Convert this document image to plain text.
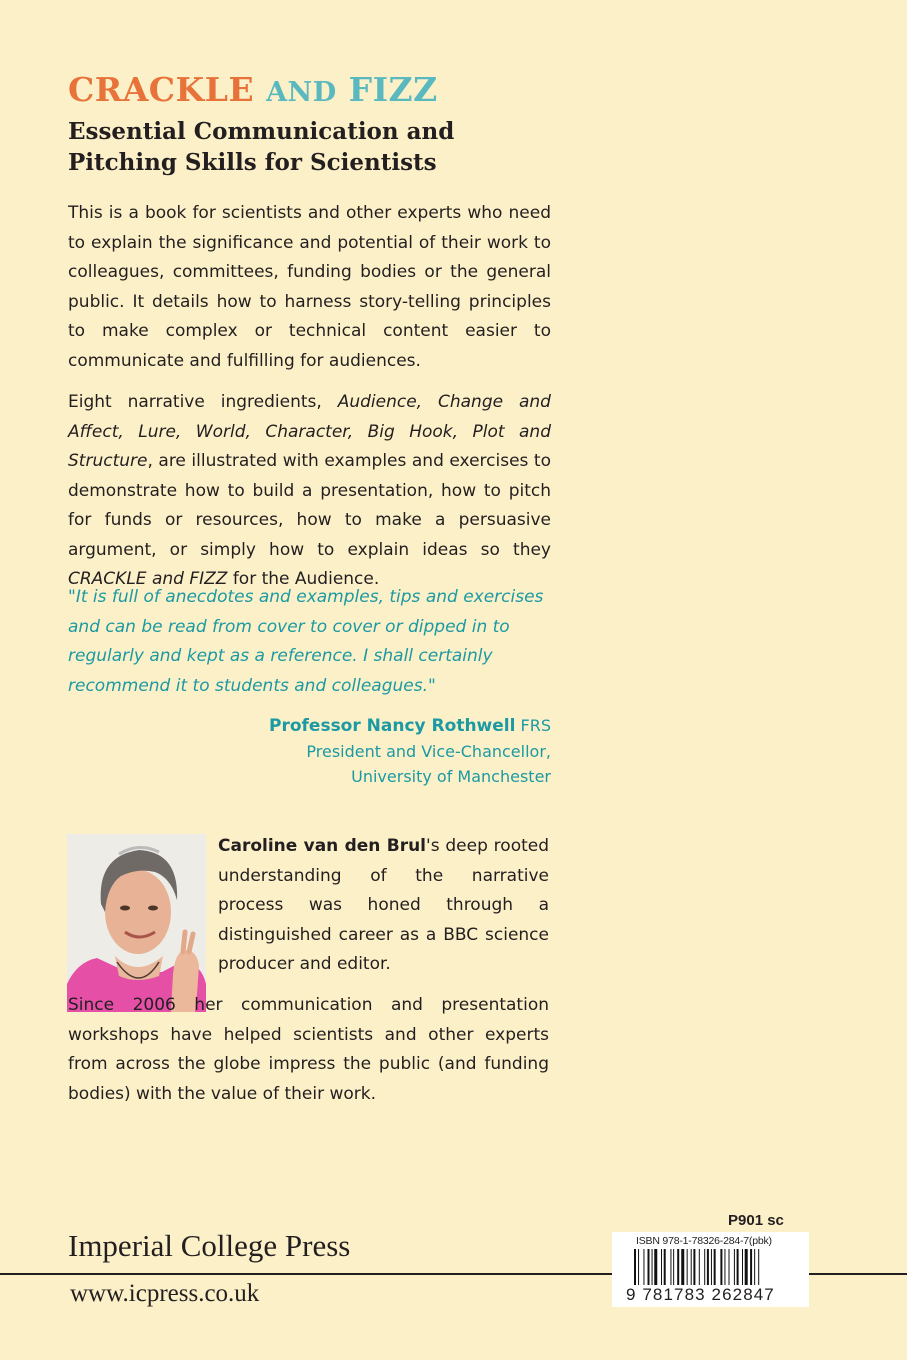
CRACKLE AND FIZZ
Essential Communication and
Pitching Skills for Scientists

This is a book for scientists and other experts who need to explain the significance and potential of their work to colleagues, committees, funding bodies or the general public. It details how to harness story-telling principles to make complex or technical content easier to communicate and fulfilling for audiences.

Eight narrative ingredients, Audience, Change and Affect, Lure, World, Character, Big Hook, Plot and Structure, are illustrated with examples and exercises to demonstrate how to build a presentation, how to pitch for funds or resources, how to make a persuasive argument, or simply how to explain ideas so they CRACKLE and FIZZ for the Audience.

"It is full of anecdotes and examples, tips and exercises and can be read from cover to cover or dipped in to regularly and kept as a reference. I shall certainly recommend it to students and colleagues."

Professor Nancy Rothwell FRS
President and Vice-Chancellor,
University of Manchester

Caroline van den Brul's deep rooted understanding of the narrative process was honed through a distinguished career as a BBC science producer and editor.

Since 2006 her communication and presentation workshops have helped scientists and other experts from across the globe impress the public (and funding bodies) with the value of their work.

Imperial College Press
www.icpress.co.uk
P901 sc
ISBN 978-1-78326-284-7(pbk)
9 781783 262847
